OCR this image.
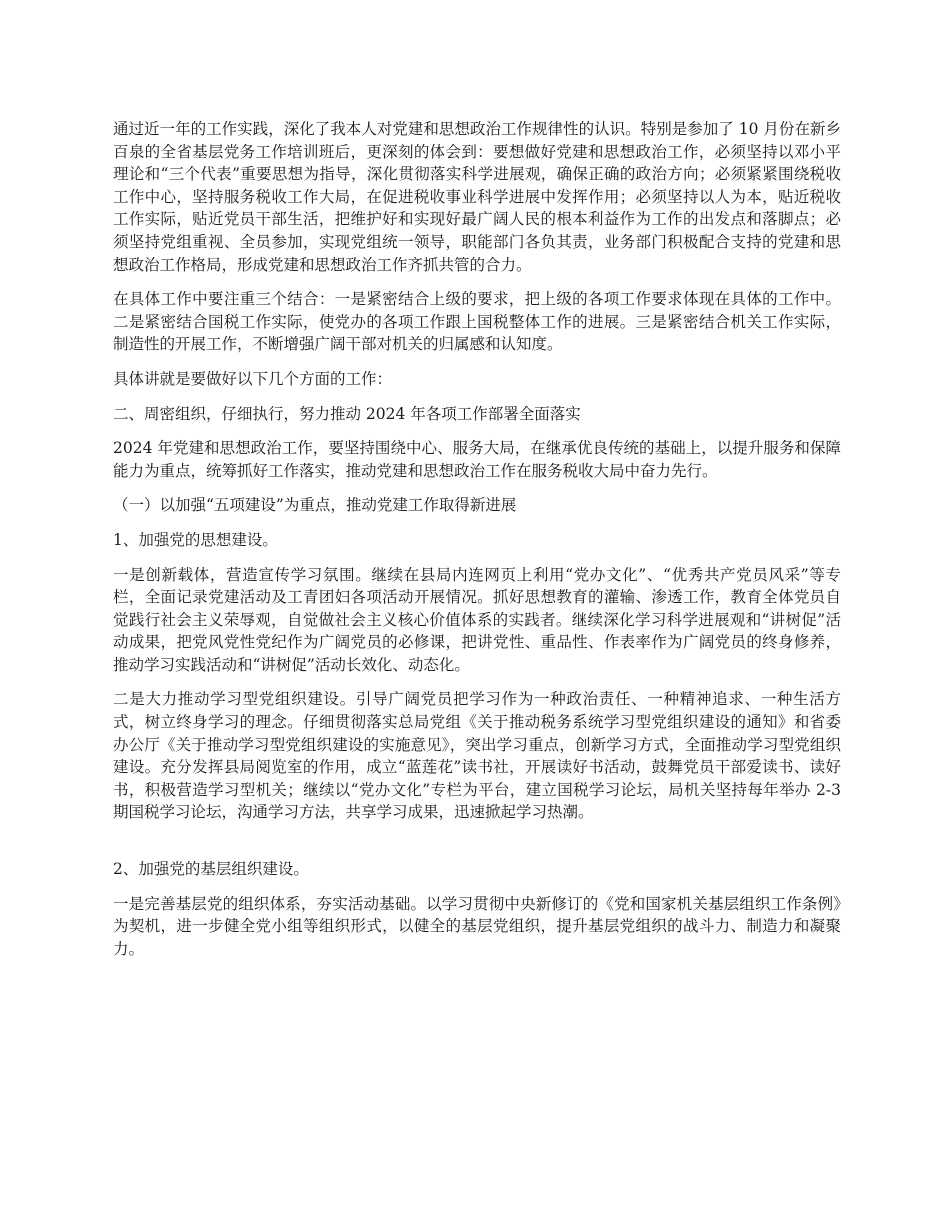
通过近一年的工作实践，深化了我本人对党建和思想政治工作规律性的认识。特别是参加了 10 月份在新乡百泉的全省基层党务工作培训班后，更深刻的体会到：要想做好党建和思想政治工作，必须坚持以邓小平理论和“三个代表”重要思想为指导，深化贯彻落实科学进展观，确保正确的政治方向；必须紧紧围绕税收工作中心，坚持服务税收工作大局，在促进税收事业科学进展中发挥作用；必须坚持以人为本，贴近税收工作实际，贴近党员干部生活，把维护好和实现好最广阔人民的根本利益作为工作的出发点和落脚点；必须坚持党组重视、全员参加，实现党组统一领导，职能部门各负其责，业务部门积极配合支持的党建和思想政治工作格局，形成党建和思想政治工作齐抓共管的合力。

在具体工作中要注重三个结合：一是紧密结合上级的要求，把上级的各项工作要求体现在具体的工作中。二是紧密结合国税工作实际，使党办的各项工作跟上国税整体工作的进展。三是紧密结合机关工作实际，制造性的开展工作，不断增强广阔干部对机关的归属感和认知度。

具体讲就是要做好以下几个方面的工作：

二、周密组织，仔细执行，努力推动 2024 年各项工作部署全面落实

2024 年党建和思想政治工作，要坚持围绕中心、服务大局，在继承优良传统的基础上，以提升服务和保障能力为重点，统筹抓好工作落实，推动党建和思想政治工作在服务税收大局中奋力先行。

（一）以加强“五项建设”为重点，推动党建工作取得新进展

1、加强党的思想建设。

一是创新载体，营造宣传学习氛围。继续在县局内连网页上利用“党办文化”、“优秀共产党员风采”等专栏，全面记录党建活动及工青团妇各项活动开展情况。抓好思想教育的灌输、渗透工作，教育全体党员自觉践行社会主义荣辱观，自觉做社会主义核心价值体系的实践者。继续深化学习科学进展观和“讲树促”活动成果，把党风党性党纪作为广阔党员的必修课，把讲党性、重品性、作表率作为广阔党员的终身修养，推动学习实践活动和“讲树促”活动长效化、动态化。

二是大力推动学习型党组织建设。引导广阔党员把学习作为一种政治责任、一种精神追求、一种生活方式，树立终身学习的理念。仔细贯彻落实总局党组《关于推动税务系统学习型党组织建设的通知》和省委办公厅《关于推动学习型党组织建设的实施意见》，突出学习重点，创新学习方式，全面推动学习型党组织建设。充分发挥县局阅览室的作用，成立“蓝莲花”读书社，开展读好书活动，鼓舞党员干部爱读书、读好书，积极营造学习型机关；继续以“党办文化”专栏为平台，建立国税学习论坛，局机关坚持每年举办 2-3 期国税学习论坛，沟通学习方法，共享学习成果，迅速掀起学习热潮。

2、加强党的基层组织建设。

一是完善基层党的组织体系，夯实活动基础。以学习贯彻中央新修订的《党和国家机关基层组织工作条例》为契机，进一步健全党小组等组织形式，以健全的基层党组织，提升基层党组织的战斗力、制造力和凝聚力。
